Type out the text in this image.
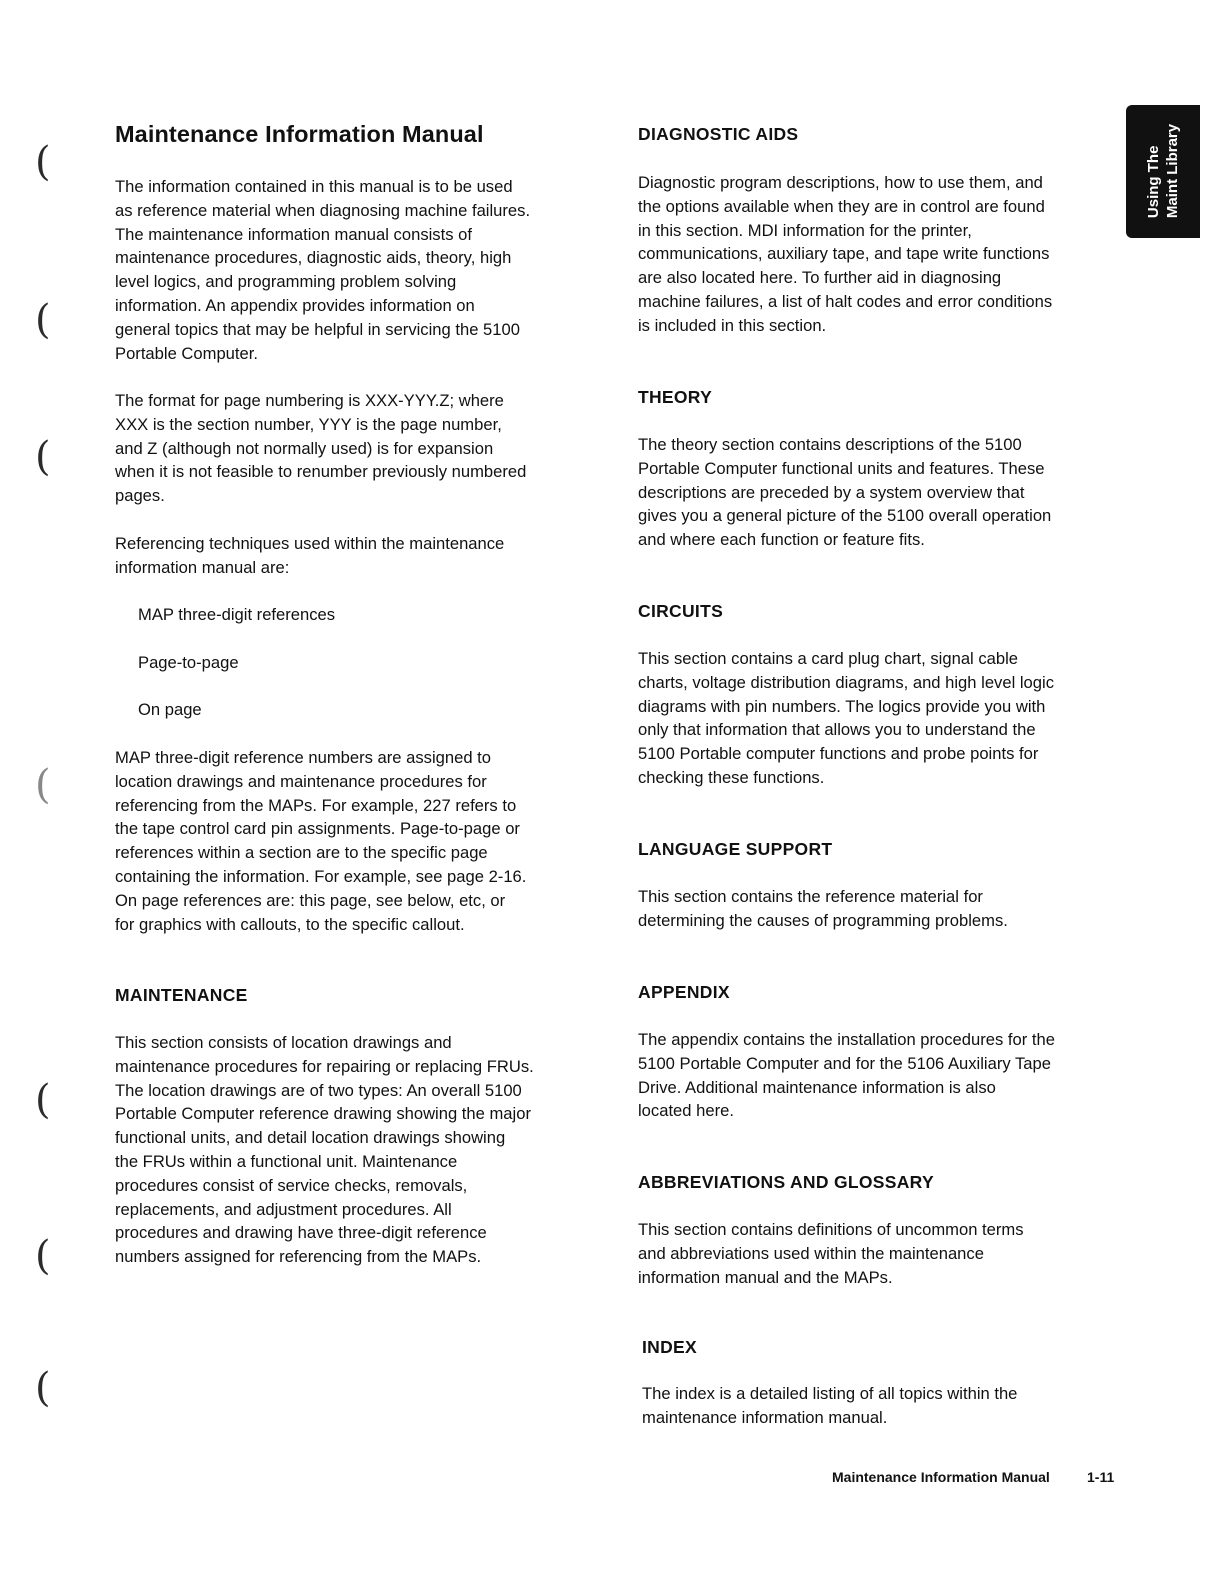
(
(
(
(
(
(
(
Using The Maint Library
Maintenance Information Manual

The information contained in this manual is to be used
as reference material when diagnosing machine failures.
The maintenance information manual consists of
maintenance procedures, diagnostic aids, theory, high
level logics, and programming problem solving
information. An appendix provides information on
general topics that may be helpful in servicing the 5100
Portable Computer.

The format for page numbering is XXX-YYY.Z; where
XXX is the section number, YYY is the page number,
and Z (although not normally used) is for expansion
when it is not feasible to renumber previously numbered
pages.

Referencing techniques used within the maintenance
information manual are:

MAP three-digit references

Page-to-page

On page

MAP three-digit reference numbers are assigned to
location drawings and maintenance procedures for
referencing from the MAPs. For example, 227 refers to
the tape control card pin assignments. Page-to-page or
references within a section are to the specific page
containing the information. For example, see page 2-16.
On page references are: this page, see below, etc, or
for graphics with callouts, to the specific callout.

MAINTENANCE

This section consists of location drawings and
maintenance procedures for repairing or replacing FRUs.
The location drawings are of two types: An overall 5100
Portable Computer reference drawing showing the major
functional units, and detail location drawings showing
the FRUs within a functional unit. Maintenance
procedures consist of service checks, removals,
replacements, and adjustment procedures. All
procedures and drawing have three-digit reference
numbers assigned for referencing from the MAPs.

DIAGNOSTIC AIDS

Diagnostic program descriptions, how to use them, and
the options available when they are in control are found
in this section. MDI information for the printer,
communications, auxiliary tape, and tape write functions
are also located here. To further aid in diagnosing
machine failures, a list of halt codes and error conditions
is included in this section.

THEORY

The theory section contains descriptions of the 5100
Portable Computer functional units and features. These
descriptions are preceded by a system overview that
gives you a general picture of the 5100 overall operation
and where each function or feature fits.

CIRCUITS

This section contains a card plug chart, signal cable
charts, voltage distribution diagrams, and high level logic
diagrams with pin numbers. The logics provide you with
only that information that allows you to understand the
5100 Portable computer functions and probe points for
checking these functions.

LANGUAGE SUPPORT

This section contains the reference material for
determining the causes of programming problems.

APPENDIX

The appendix contains the installation procedures for the
5100 Portable Computer and for the 5106 Auxiliary Tape
Drive. Additional maintenance information is also
located here.

ABBREVIATIONS AND GLOSSARY

This section contains definitions of uncommon terms
and abbreviations used within the maintenance
information manual and the MAPs.

INDEX

The index is a detailed listing of all topics within the
maintenance information manual.

Maintenance Information Manual	1-11
